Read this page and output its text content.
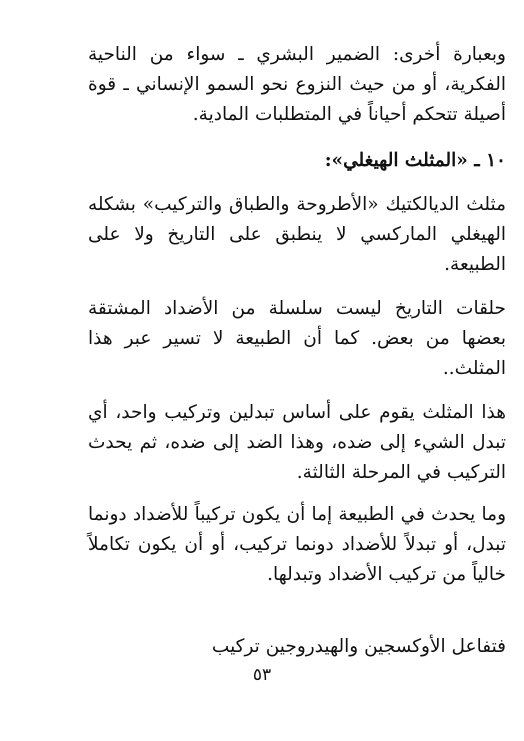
وبعبارة أخرى: الضمير البشري ـ سواء من الناحية الفكرية، أو من حيث النزوع نحو السمو الإنساني ـ قوة أصيلة تتحكم أحياناً في المتطلبات المادية.
١٠ ـ «المثلث الهيغلي»:
مثلث الديالكتيك «الأطروحة والطباق والتركيب» بشكله الهيغلي الماركسي لا ينطبق على التاريخ ولا على الطبيعة.
حلقات التاريخ ليست سلسلة من الأضداد المشتقة بعضها من بعض. كما أن الطبيعة لا تسير عبر هذا المثلث..
هذا المثلث يقوم على أساس تبدلين وتركيب واحد، أي تبدل الشيء إلى ضده، وهذا الضد إلى ضده، ثم يحدث التركيب في المرحلة الثالثة.
وما يحدث في الطبيعة إما أن يكون تركيباً للأضداد دونما تبدل، أو تبدلاً للأضداد دونما تركيب، أو أن يكون تكاملاً خالياً من تركيب الأضداد وتبدلها.
فتفاعل الأوكسجين والهيدروجين تركيب
٥٣
